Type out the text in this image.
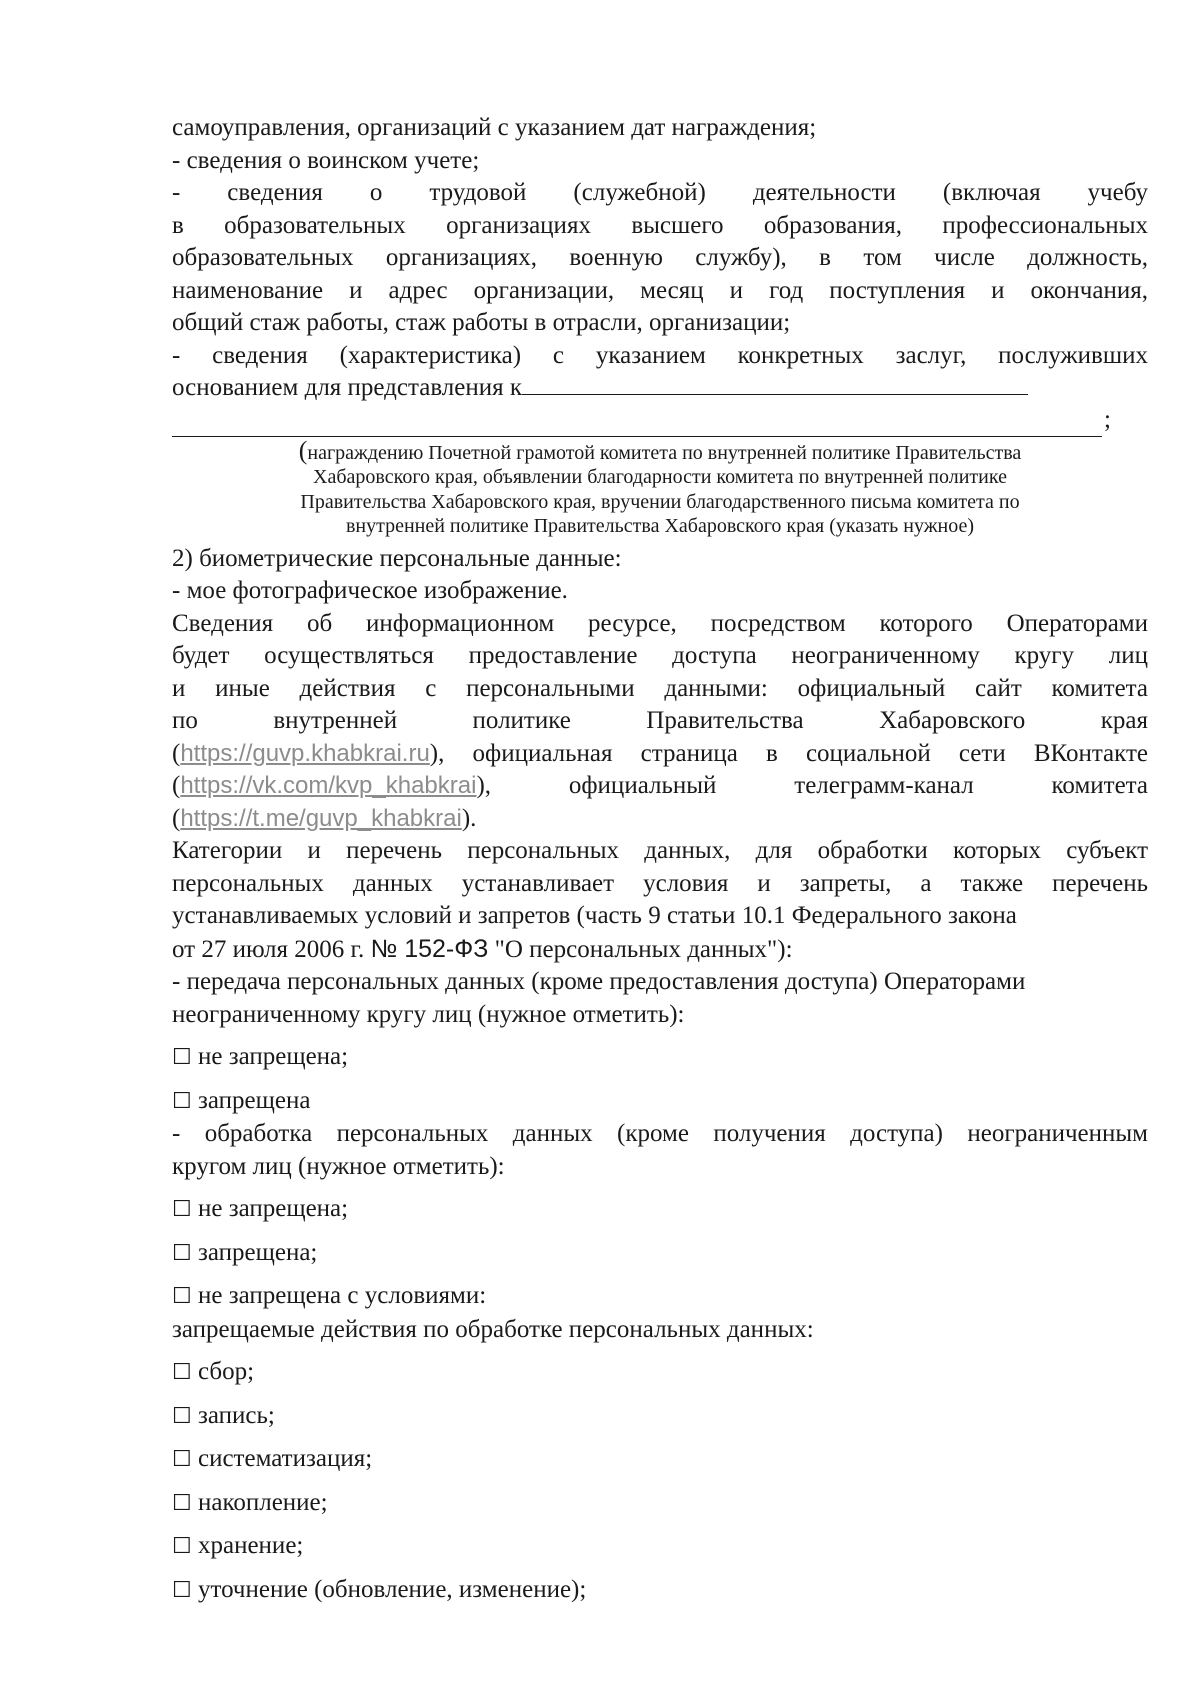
самоуправления, организаций с указанием дат награждения;
- сведения о воинском учете;
- сведения о трудовой (служебной) деятельности (включая учебу
в образовательных организациях высшего образования, профессиональных
образовательных организациях, военную службу), в том числе должность,
наименование и адрес организации, месяц и год поступления и окончания,
общий стаж работы, стаж работы в отрасли, организации;
- сведения (характеристика) с указанием конкретных заслуг, послуживших
основанием для представления к
;
(награждению Почетной грамотой комитета по внутренней политике Правительства
Хабаровского края, объявлении благодарности комитета по внутренней политике
Правительства Хабаровского края, вручении благодарственного письма комитета по
внутренней политике Правительства Хабаровского края (указать нужное)
2) биометрические персональные данные:
- мое фотографическое изображение.
Сведения об информационном ресурсе, посредством которого Операторами
будет осуществляться предоставление доступа неограниченному кругу лиц
и иные действия с персональными данными: официальный сайт комитета
по внутренней политике Правительства Хабаровского края
(https://guvp.khabkrai.ru), официальная страница в социальной сети ВКонтакте
(https://vk.com/kvp_khabkrai), официальный телеграмм-канал комитета
(https://t.me/guvp_khabkrai).
Категории и перечень персональных данных, для обработки которых субъект
персональных данных устанавливает условия и запреты, а также перечень
устанавливаемых условий и запретов (часть 9 статьи 10.1 Федерального закона
от 27 июля 2006 г. № 152-ФЗ "О персональных данных"):
- передача персональных данных (кроме предоставления доступа) Операторами
неограниченному кругу лиц (нужное отметить):
☐ не запрещена;
☐ запрещена
- обработка персональных данных (кроме получения доступа) неограниченным
кругом лиц (нужное отметить):
☐ не запрещена;
☐ запрещена;
☐ не запрещена с условиями:
запрещаемые действия по обработке персональных данных:
☐ сбор;
☐ запись;
☐ систематизация;
☐ накопление;
☐ хранение;
☐ уточнение (обновление, изменение);
